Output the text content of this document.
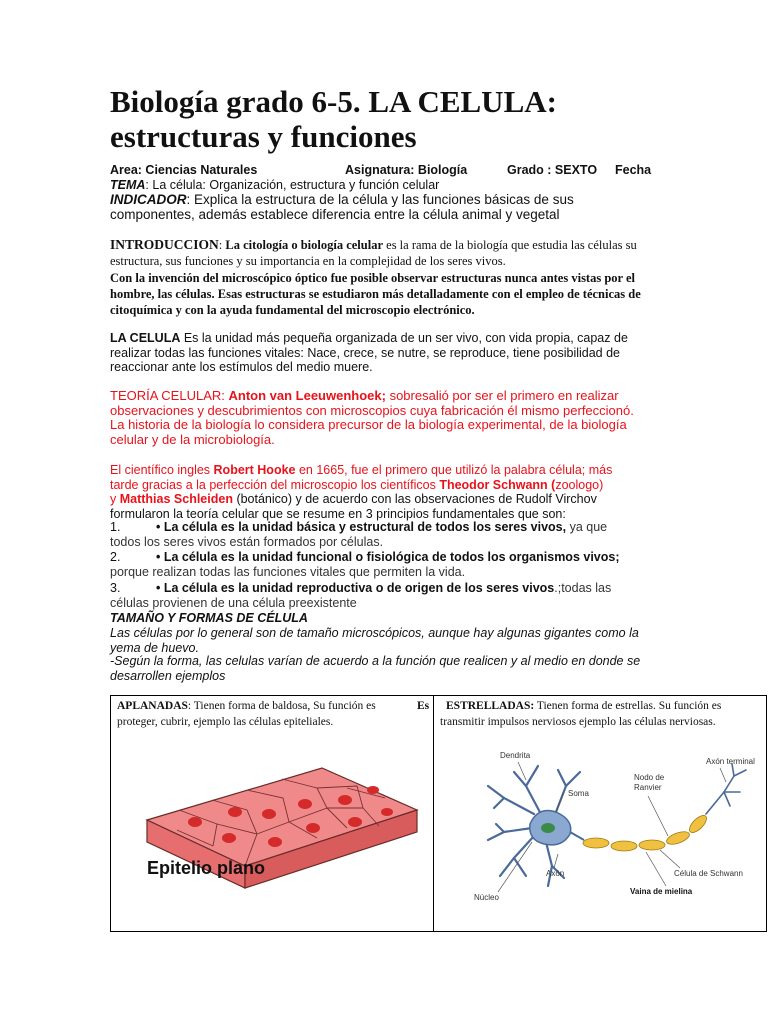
Biología grado 6-5. LA CELULA:
estructuras y funciones
Area: Ciencias Naturales	Asignatura: Biología	Grado : SEXTO Fecha
TEMA: La célula: Organización, estructura y función celular
INDICADOR: Explica la estructura de la célula y las funciones básicas de sus componentes, además establece diferencia entre la célula animal y vegetal
INTRODUCCION: La citología o biología celular es la rama de la biología que estudia las células su estructura, sus funciones y su importancia en la complejidad de los seres vivos.
Con la invención del microscópico óptico fue posible observar estructuras nunca antes vistas por el hombre, las células. Esas estructuras se estudiaron más detalladamente con el empleo de técnicas de citoquímica y con la ayuda fundamental del microscopio electrónico.
LA CELULA Es la unidad más pequeña organizada de un ser vivo, con vida propia, capaz de realizar todas las funciones vitales: Nace, crece, se nutre, se reproduce, tiene posibilidad de reaccionar ante los estímulos del medio muere.
TEORÍA CELULAR: Anton van Leeuwenhoek; sobresalió por ser el primero en realizar observaciones y descubrimientos con microscopios cuya fabricación él mismo perfeccionó. La historia de la biología lo considera precursor de la biología experimental, de la biología celular y de la microbiología.
El científico ingles Robert Hooke en 1665, fue el primero que utilizó la palabra célula; más tarde gracias a la perfección del microscopio los científicos Theodor Schwann (zoologo)
y Matthias Schleiden (botánico) y de acuerdo con las observaciones de Rudolf Virchov formularon la teoría celular que se resume en 3 principios fundamentales que son:
1.	• La célula es la unidad básica y estructural de todos los seres vivos, ya que todos los seres vivos están formados por células.
2.	• La célula es la unidad funcional o fisiológica de todos los organismos vivos; porque realizan todas las funciones vitales que permiten la vida.
3.	• La célula es la unidad reproductiva o de origen de los seres vivos.;todas las células provienen de una célula preexistente
TAMAÑO Y FORMAS DE CÉLULA
Las células por lo general son de tamaño microscópicos, aunque hay algunas gigantes como la yema de huevo.
-Según la forma, las celulas varían de acuerdo a la función que realicen y al medio en donde se desarrollen ejemplos
APLANADAS: Tienen forma de baldosa, Su función es	Es

proteger, cubrir, ejemplo las células epiteliales.
Epitelio plano
ESTRELLADAS: Tienen forma de estrellas. Su función es transmitir impulsos nerviosos ejemplo las células nerviosas.
Dendrita
Soma
Nodo de
Ranvier
Axón terminal
Axón	Célula de Schwann
Vaina de mielina
Núcleo
